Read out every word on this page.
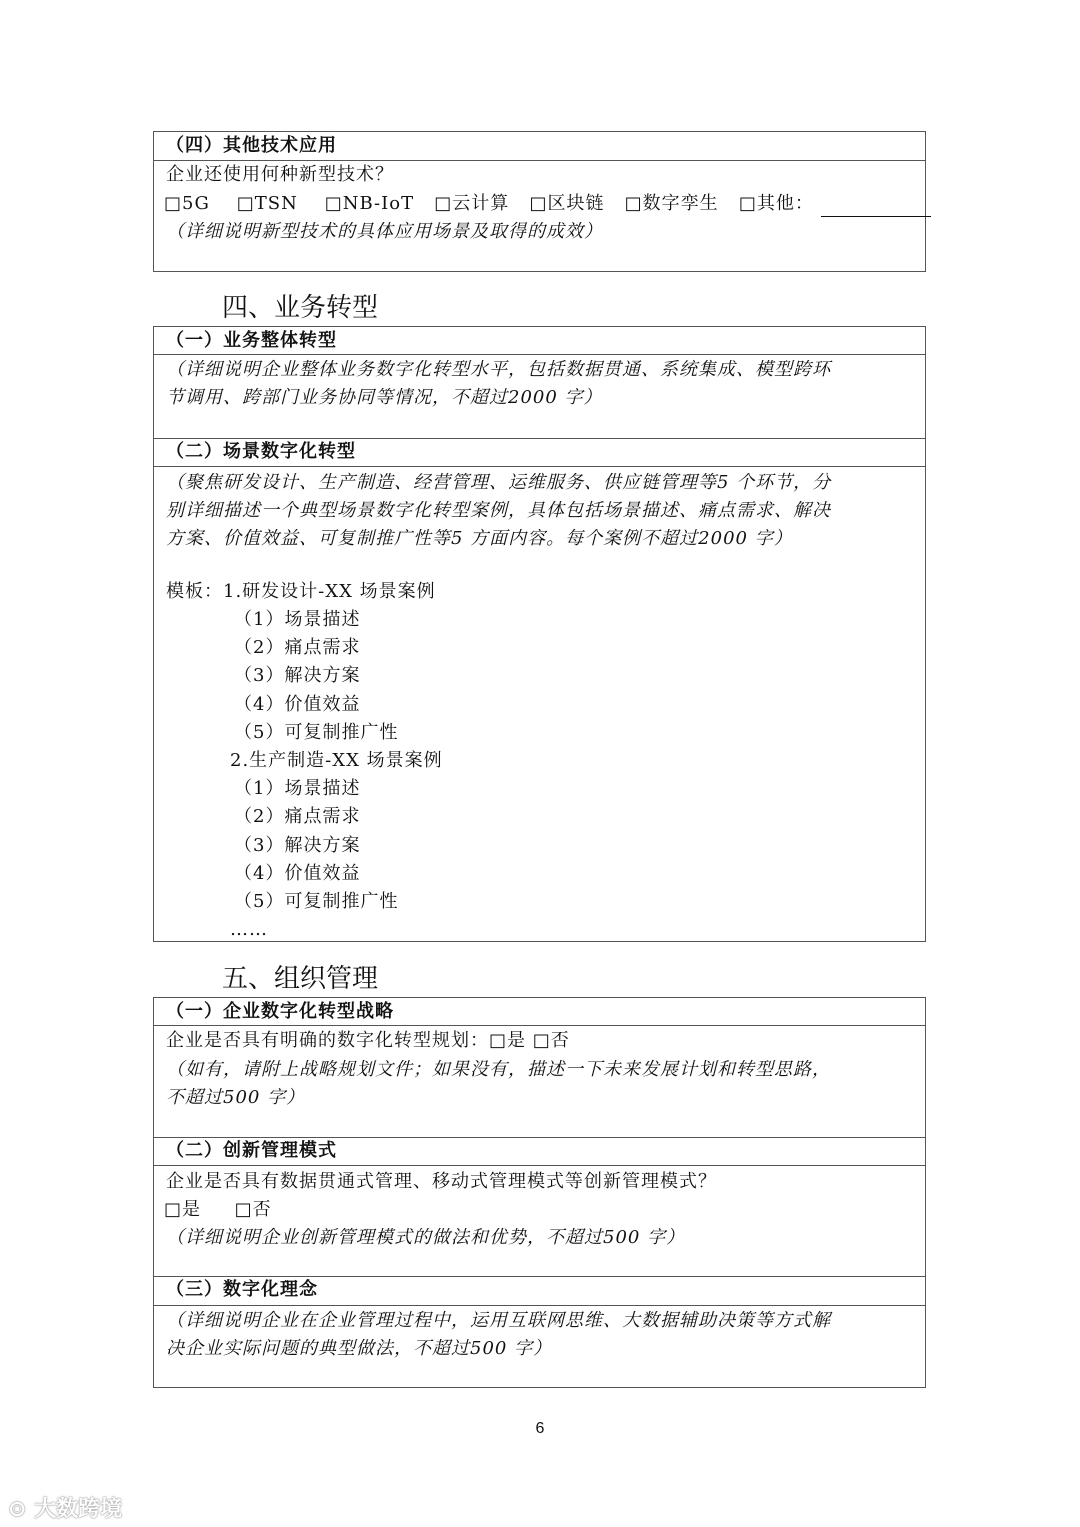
（四）其他技术应用
企业还使用何种新型技术？
□5G □TSN □NB-IoT □云计算 □区块链 □数字孪生 □其他：
（详细说明新型技术的具体应用场景及取得的成效）
四、业务转型
（一）业务整体转型
（详细说明企业整体业务数字化转型水平，包括数据贯通、系统集成、模型跨环
节调用、跨部门业务协同等情况，不超过2000 字）
（二）场景数字化转型
（聚焦研发设计、生产制造、经营管理、运维服务、供应链管理等5 个环节，分
别详细描述一个典型场景数字化转型案例，具体包括场景描述、痛点需求、解决
方案、价值效益、可复制推广性等5 方面内容。每个案例不超过2000 字）
模板：1.研发设计-XX 场景案例
（1）场景描述
（2）痛点需求
（3）解决方案
（4）价值效益
（5）可复制推广性
2.生产制造-XX 场景案例
（1）场景描述
（2）痛点需求
（3）解决方案
（4）价值效益
（5）可复制推广性
……
五、组织管理
（一）企业数字化转型战略
企业是否具有明确的数字化转型规划：□是 □否
（如有，请附上战略规划文件；如果没有，描述一下未来发展计划和转型思路，
不超过500 字）
（二）创新管理模式
企业是否具有数据贯通式管理、移动式管理模式等创新管理模式？
□是 □否
（详细说明企业创新管理模式的做法和优势，不超过500 字）
（三）数字化理念
（详细说明企业在企业管理过程中，运用互联网思维、大数据辅助决策等方式解
决企业实际问题的典型做法，不超过500 字）
6
⊙ 大数跨境
